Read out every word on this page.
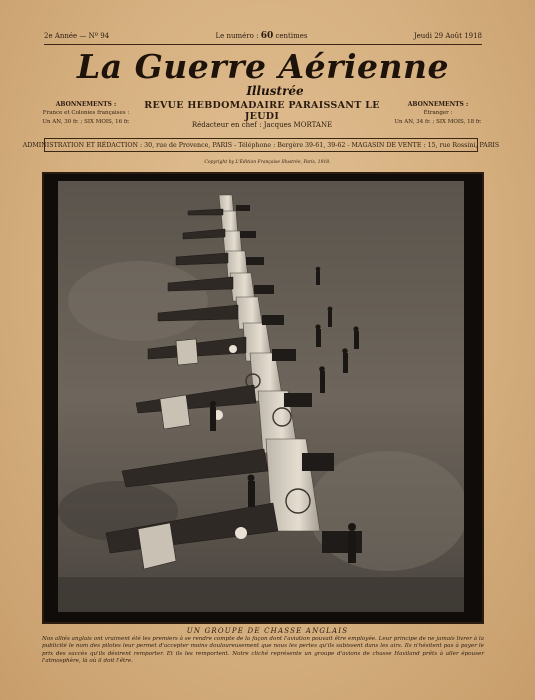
2e Année — Nº 94	Le numéro : 60 centimes	Jeudi 29 Août 1918
La Guerre Aérienne
Illustrée
ABONNEMENTS :
France et Colonies françaises :
Un AN, 30 fr. ; SIX MOIS, 16 fr.
REVUE HEBDOMADAIRE PARAISSANT LE JEUDI
Rédacteur en chef : Jacques MORTANE
ABONNEMENTS :
Étranger :
Un AN, 34 fr. ; SIX MOIS, 18 fr.
ADMINISTRATION ET RÉDACTION : 30, rue de Provence, PARIS - Téléphone : Bergère 39-61, 39-62 - MAGASIN DE VENTE : 15, rue Rossini, PARIS
Copyright by L'Édition Française Illustrée, Paris, 1918.
UN GROUPE DE CHASSE ANGLAIS
Nos alliés anglais ont vraiment été les premiers à se rendre compte de la façon dont l'aviation pouvait être employée. Leur principe de ne jamais livrer à la publicité le nom des pilotes leur permet d'accepter moins douloureusement que nous les pertes qu'ils subissent dans les airs. Ils n'hésitent pas à payer le prix des succès qu'ils désirent remporter. Et ils les remportent. Notre cliché représente un groupe d'avions de chasse Haviland prêts à aller épouser l'atmosphère, là où il doit l'être.
